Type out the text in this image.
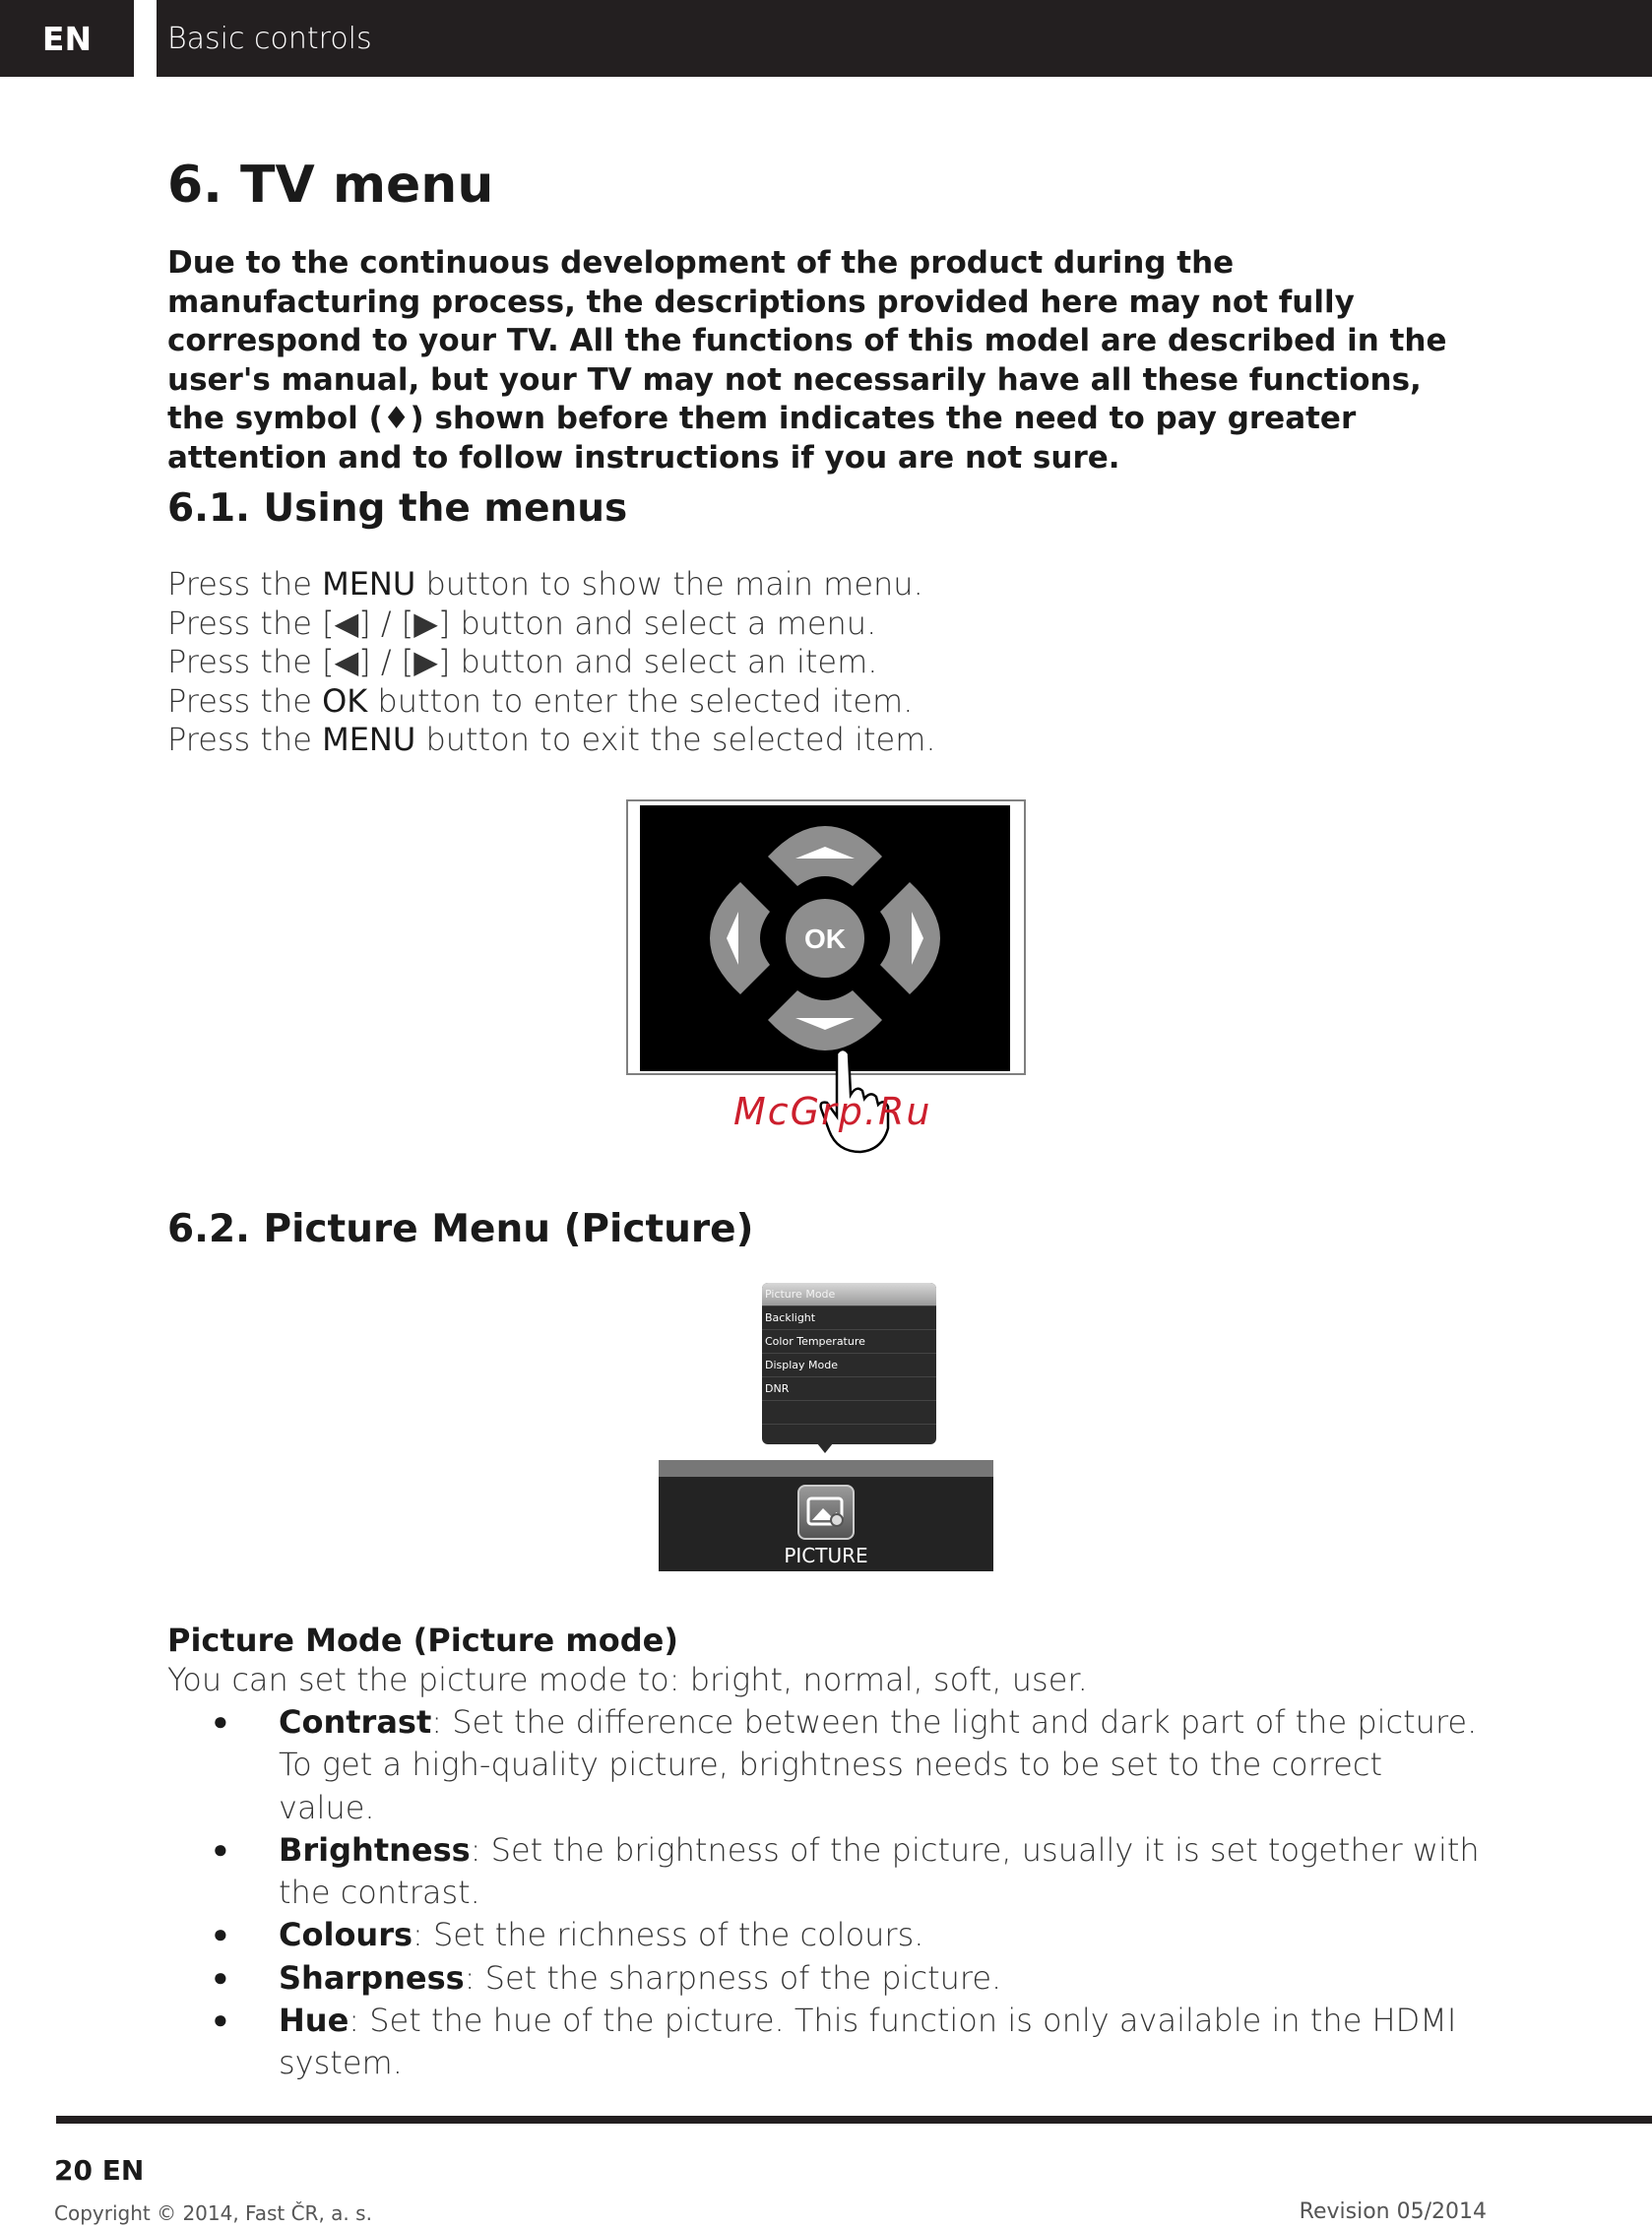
EN	Basic controls
6. TV menu

Due to the continuous development of the product during the manufacturing process, the descriptions provided here may not fully correspond to your TV. All the functions of this model are described in the user's manual, but your TV may not necessarily have all these functions, the symbol (♦) shown before them indicates the need to pay greater attention and to follow instructions if you are not sure.

6.1. Using the menus
Press the MENU button to show the main menu.
Press the [◀] / [▶] button and select a menu.
Press the [◀] / [▶] button and select an item.
Press the OK button to enter the selected item.
Press the MENU button to exit the selected item.
OK
McGrp.Ru
6.2. Picture Menu (Picture)
Picture Mode
Backlight
Color Temperature
Display Mode
DNR
PICTURE
Picture Mode (Picture mode)
You can set the picture mode to: bright, normal, soft, user.
● Contrast: Set the difference between the light and dark part of the picture. To get a high-quality picture, brightness needs to be set to the correct value.
● Brightness: Set the brightness of the picture, usually it is set together with the contrast.
● Colours: Set the richness of the colours.
● Sharpness: Set the sharpness of the picture.
● Hue: Set the hue of the picture. This function is only available in the HDMI system.
20 EN
Copyright © 2014, Fast ČR, a. s.	Revision 05/2014
